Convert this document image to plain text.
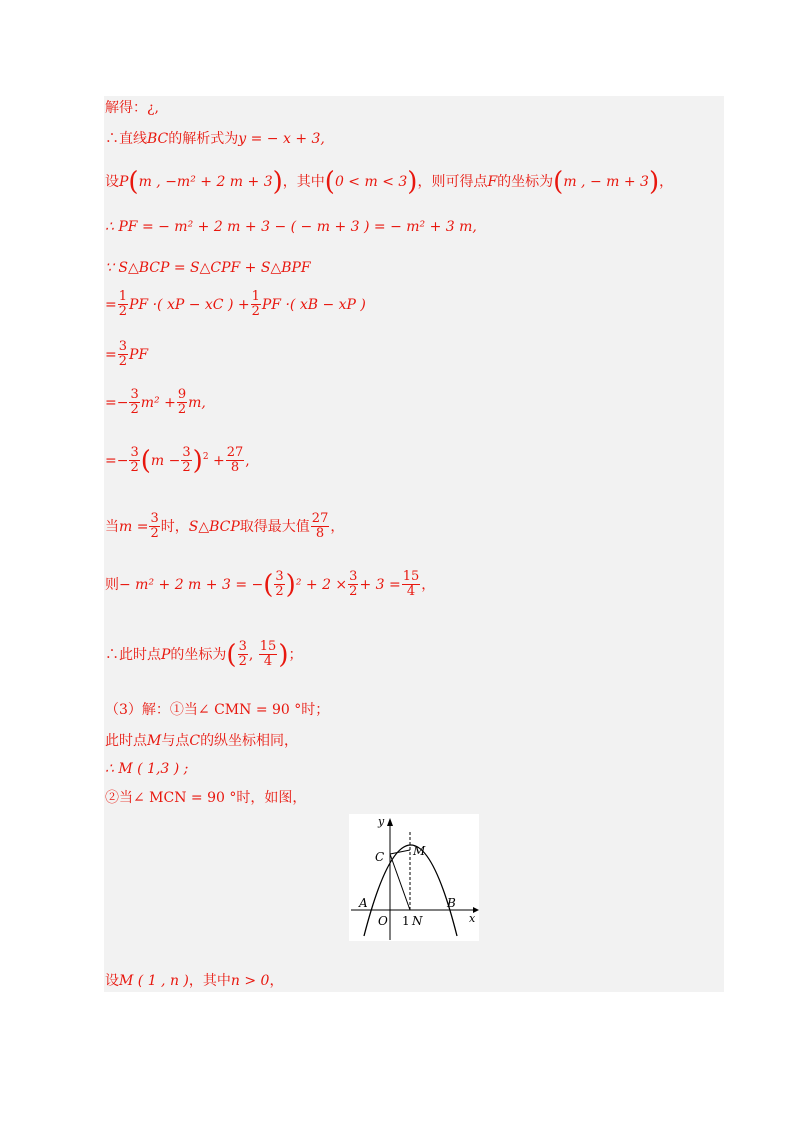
解得：¿,
∴直线BC的解析式为y = − x + 3,
设P(m , −m² + 2 m + 3)，其中(0 < m < 3)，则可得点F的坐标为(m , − m + 3)，
∴ PF = − m² + 2 m + 3 − ( − m + 3 ) = − m² + 3 m,
∵ S△BCP = S△CPF + S△BPF
= $\frac{1}{2}$ PF ·( xP − xC ) + $\frac{1}{2}$ PF ·( xB − xP )
= $\frac{3}{2}$ PF
=− $\frac{3}{2} m^2 + \frac{9}{2} m$,
=− $\frac{3}{2} (m - \frac{3}{2} )^2 + \frac{27}{8}$ ,
当$m = \frac{3}{2}$ 时，S△BCP取得最大值 $\frac{27}{8}$ ，
则− m² + 2 m + 3 = −( $\frac{3}{2} )^2 + 2 \times \frac{3}{2} + 3 = \frac{15}{4}$ ，
∴此时点P的坐标为( $\frac{3}{2}$ , $\frac{15}{4}$ )；
（3）解：①当∠ CMN = 90 °时；
此时点M与点C的纵坐标相同，
∴ M ( 1,3 ) ;
②当∠ MCN = 90 °时，如图，
y
x
C M
A
O 1 N
B
设M ( 1 , n )，其中n > 0，
